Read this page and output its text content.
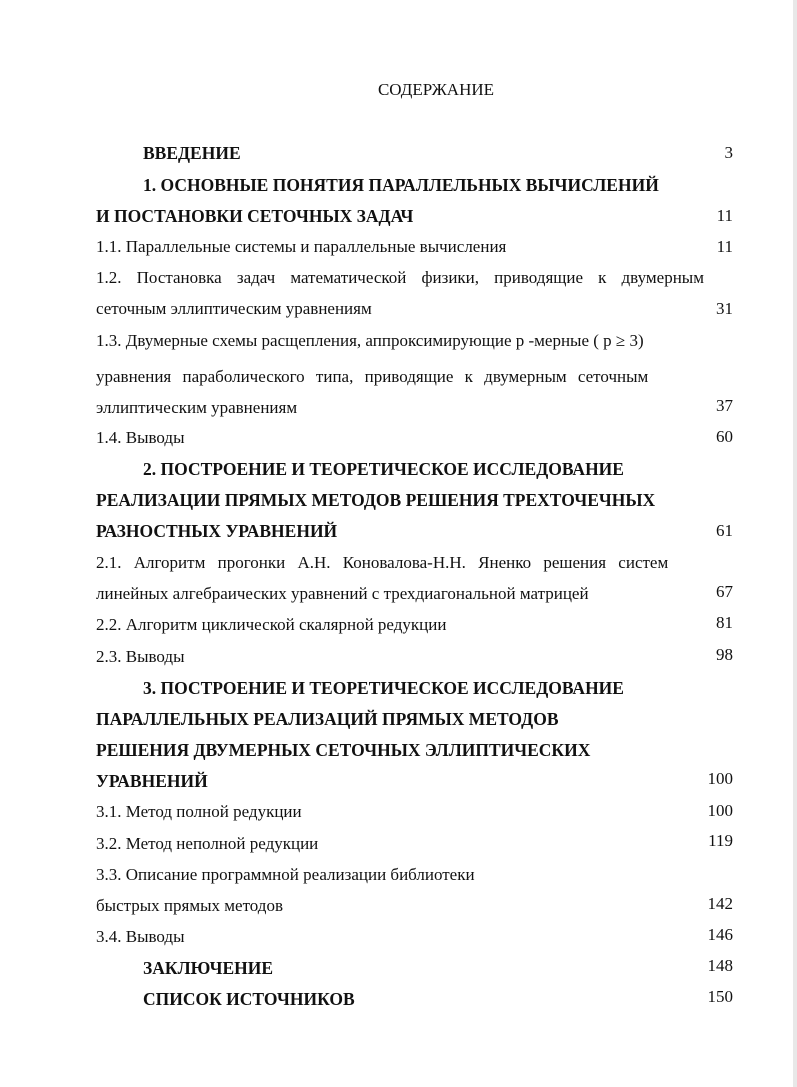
СОДЕРЖАНИЕ
ВВЕДЕНИЕ	3
1. ОСНОВНЫЕ ПОНЯТИЯ ПАРАЛЛЕЛЬНЫХ ВЫЧИСЛЕНИЙ
И ПОСТАНОВКИ СЕТОЧНЫХ ЗАДАЧ	11
1.1. Параллельные системы и параллельные вычисления	11
1.2. Постановка задач математической физики, приводящие к двумерным
сеточным эллиптическим уравнениям	31
1.3. Двумерные схемы расщепления, аппроксимирующие p -мерные ( p ≥ 3)
уравнения параболического типа, приводящие к двумерным сеточным
эллиптическим уравнениям	37
1.4. Выводы	60
2. ПОСТРОЕНИЕ И ТЕОРЕТИЧЕСКОЕ ИССЛЕДОВАНИЕ
РЕАЛИЗАЦИИ ПРЯМЫХ МЕТОДОВ РЕШЕНИЯ ТРЕХТОЧЕЧНЫХ
РАЗНОСТНЫХ УРАВНЕНИЙ	61
2.1. Алгоритм прогонки А.Н. Коновалова-Н.Н. Яненко решения систем
линейных алгебраических уравнений с трехдиагональной матрицей	67
2.2. Алгоритм циклической скалярной редукции	81
2.3. Выводы	98
3. ПОСТРОЕНИЕ И ТЕОРЕТИЧЕСКОЕ ИССЛЕДОВАНИЕ
ПАРАЛЛЕЛЬНЫХ РЕАЛИЗАЦИЙ ПРЯМЫХ МЕТОДОВ
РЕШЕНИЯ ДВУМЕРНЫХ СЕТОЧНЫХ ЭЛЛИПТИЧЕСКИХ
УРАВНЕНИЙ	100
3.1. Метод полной редукции	100
3.2. Метод неполной редукции	119
3.3. Описание программной реализации библиотеки
быстрых прямых методов	142
3.4. Выводы	146
ЗАКЛЮЧЕНИЕ	148
СПИСОК ИСТОЧНИКОВ	150
